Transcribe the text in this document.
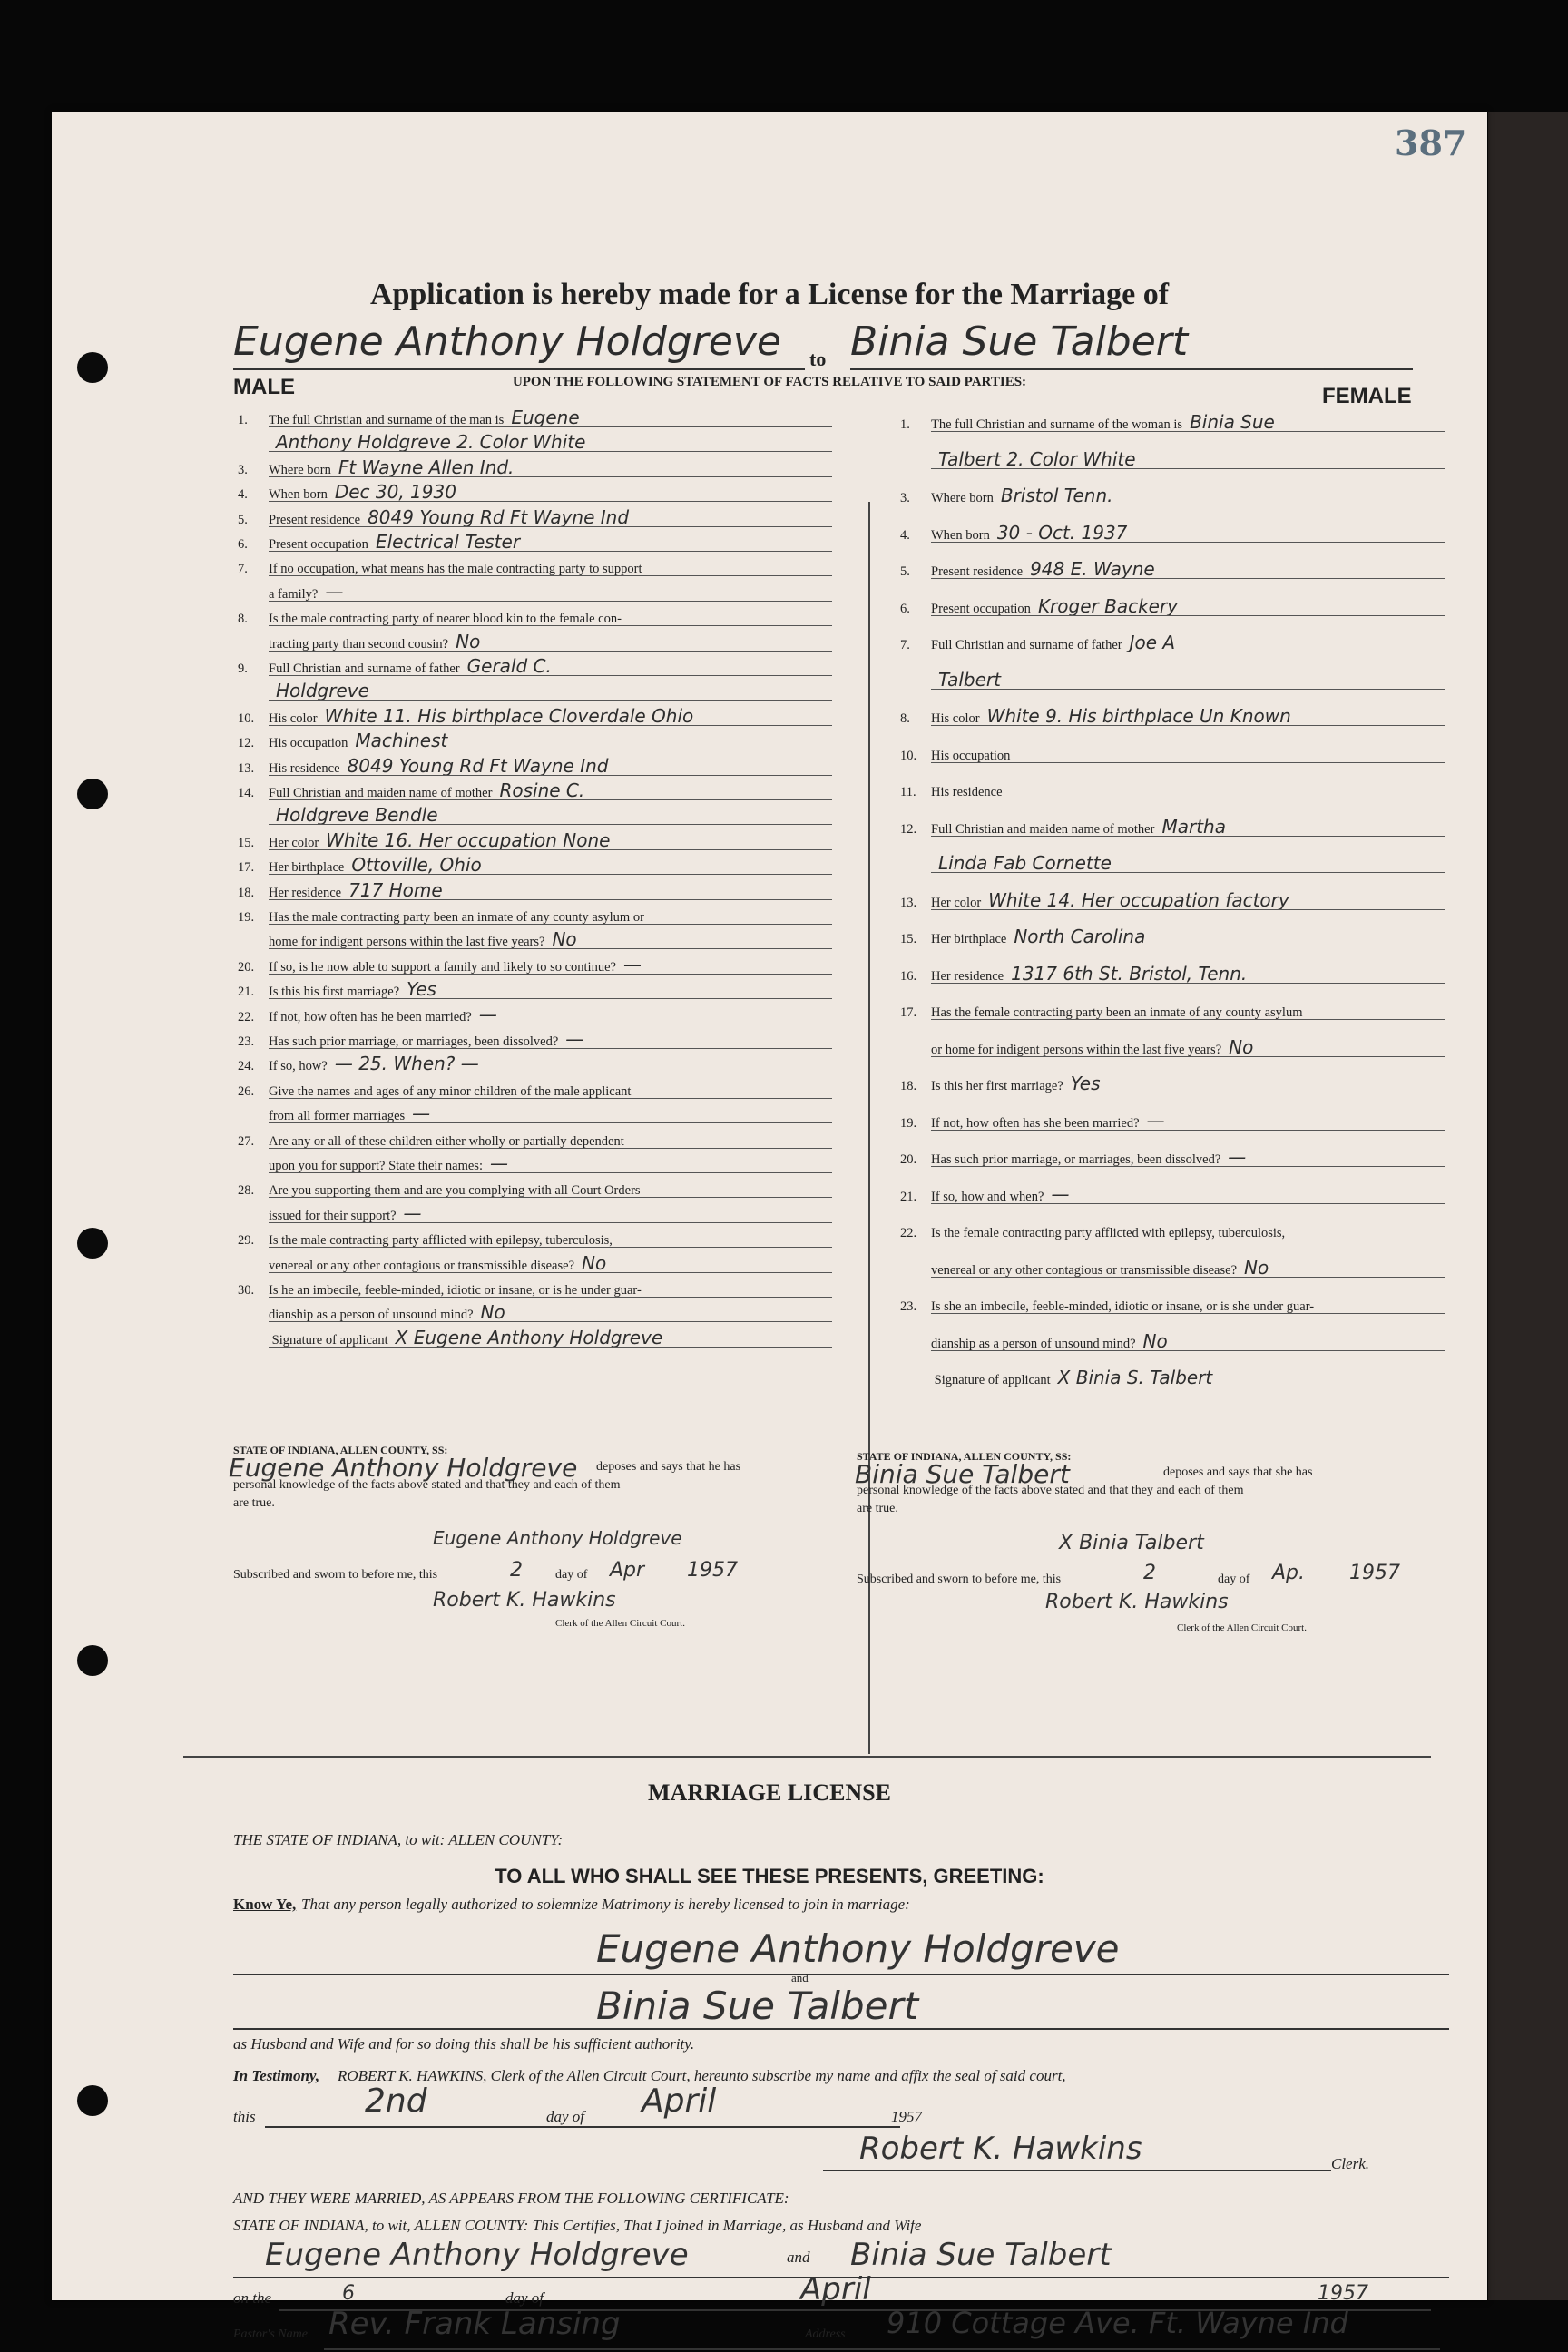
387
Application is hereby made for a License for the Marriage of
Eugene Anthony Holdgreve to Binia Sue Talbert
MALE	FEMALE
UPON THE FOLLOWING STATEMENT OF FACTS RELATIVE TO SAID PARTIES:
1. The full Christian and surname of the man is Eugene
Anthony Holdgreve 2. Color White
3. Where born Ft Wayne Allen Ind.
4. When born Dec 30, 1930
5. Present residence 8049 Young Rd Ft Wayne Ind
6. Present occupation Electrical Tester
7. If no occupation, what means has the male contracting party to support
a family? —
8. Is the male contracting party of nearer blood kin to the female con-
tracting party than second cousin? No
9. Full Christian and surname of father Gerald C.
Holdgreve
10. His color White 11. His birthplace Cloverdale Ohio
12. His occupation Machinest
13. His residence 8049 Young Rd Ft Wayne Ind
14. Full Christian and maiden name of mother Rosine C.
Holdgreve Bendle
15. Her color White 16. Her occupation None
17. Her birthplace Ottoville, Ohio
18. Her residence 717 Home
19. Has the male contracting party been an inmate of any county asylum or
home for indigent persons within the last five years? No
20. If so, is he now able to support a family and likely to so continue? —
21. Is this his first marriage? Yes
22. If not, how often has he been married? —
23. Has such prior marriage, or marriages, been dissolved? —
24. If so, how? — 25. When? —
26. Give the names and ages of any minor children of the male applicant
from all former marriages —
27. Are any or all of these children either wholly or partially dependent
upon you for support? State their names: —
28. Are you supporting them and are you complying with all Court Orders
issued for their support? —
29. Is the male contracting party afflicted with epilepsy, tuberculosis,
venereal or any other contagious or transmissible disease? No
30. Is he an imbecile, feeble-minded, idiotic or insane, or is he under guar-
dianship as a person of unsound mind? No
Signature of applicant X Eugene Anthony Holdgreve
1. The full Christian and surname of the woman is Binia Sue
Talbert 2. Color White
3. Where born Bristol Tenn.
4. When born 30 - Oct. 1937
5. Present residence 948 E. Wayne
6. Present occupation Kroger Backery
7. Full Christian and surname of father Joe A
Talbert
8. His color White 9. His birthplace Un Known
10. His occupation
11. His residence
12. Full Christian and maiden name of mother Martha
Linda Fab Cornette
13. Her color White 14. Her occupation factory
15. Her birthplace North Carolina
16. Her residence 1317 6th St. Bristol, Tenn.
17. Has the female contracting party been an inmate of any county asylum
or home for indigent persons within the last five years? No
18. Is this her first marriage? Yes
19. If not, how often has she been married? —
20. Has such prior marriage, or marriages, been dissolved? —
21. If so, how and when? —
22. Is the female contracting party afflicted with epilepsy, tuberculosis,
venereal or any other contagious or transmissible disease? No
23. Is she an imbecile, feeble-minded, idiotic or insane, or is she under guar-
dianship as a person of unsound mind? No
Signature of applicant X Binia S. Talbert
STATE OF INDIANA, ALLEN COUNTY, SS:
Eugene Anthony Holdgreve deposes and says that he has
personal knowledge of the facts above stated and that they and each of them
are true.
Eugene Anthony Holdgreve
Subscribed and sworn to before me, this	2	day of Apr 1957
Robert K. Hawkins
Clerk of the Allen Circuit Court.
STATE OF INDIANA, ALLEN COUNTY, SS:
Binia Sue Talbert	deposes and says that she has
personal knowledge of the facts above stated and that they and each of them
are true.
X Binia Talbert
Subscribed and sworn to before me, this	2	day of Ap. 1957
Robert K. Hawkins
Clerk of the Allen Circuit Court.
MARRIAGE LICENSE
THE STATE OF INDIANA, to wit: ALLEN COUNTY:
TO ALL WHO SHALL SEE THESE PRESENTS, GREETING:
Know Ye, That any person legally authorized to solemnize Matrimony is hereby licensed to join in marriage:
Eugene Anthony Holdgreve
and
Binia Sue Talbert
as Husband and Wife and for so doing this shall be his sufficient authority.
In Testimony, ROBERT K. HAWKINS, Clerk of the Allen Circuit Court, hereunto subscribe my name and affix the seal of said court,
this	2nd	day of April	1957
Robert K. Hawkins	Clerk.
AND THEY WERE MARRIED, AS APPEARS FROM THE FOLLOWING CERTIFICATE:
STATE OF INDIANA, to wit, ALLEN COUNTY: This Certifies, That I joined in Marriage, as Husband and Wife
Eugene Anthony Holdgreve	and Binia Sue Talbert
on the	6	day of	April	1957
Pastor's Name Rev. Frank Lansing	Address 910 Cottage Ave. Ft. Wayne Ind
